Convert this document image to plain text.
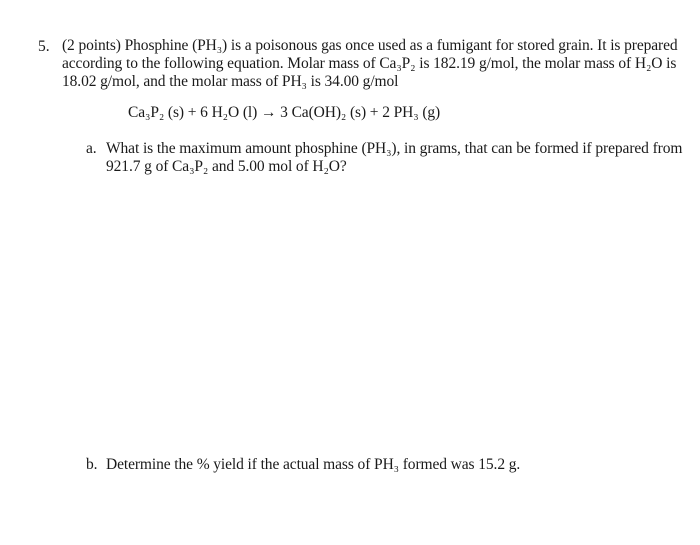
5. (2 points) Phosphine (PH₃) is a poisonous gas once used as a fumigant for stored grain. It is prepared
according to the following equation. Molar mass of Ca₃P₂ is 182.19 g/mol, the molar mass of H₂O is
18.02 g/mol, and the molar mass of PH₃ is 34.00 g/mol
Ca₃P₂ (s) + 6 H₂O (l) → 3 Ca(OH)₂ (s) + 2 PH₃ (g)
a. What is the maximum amount phosphine (PH₃), in grams, that can be formed if prepared from
921.7 g of Ca₃P₂ and 5.00 mol of H₂O?
b. Determine the % yield if the actual mass of PH₃ formed was 15.2 g.
